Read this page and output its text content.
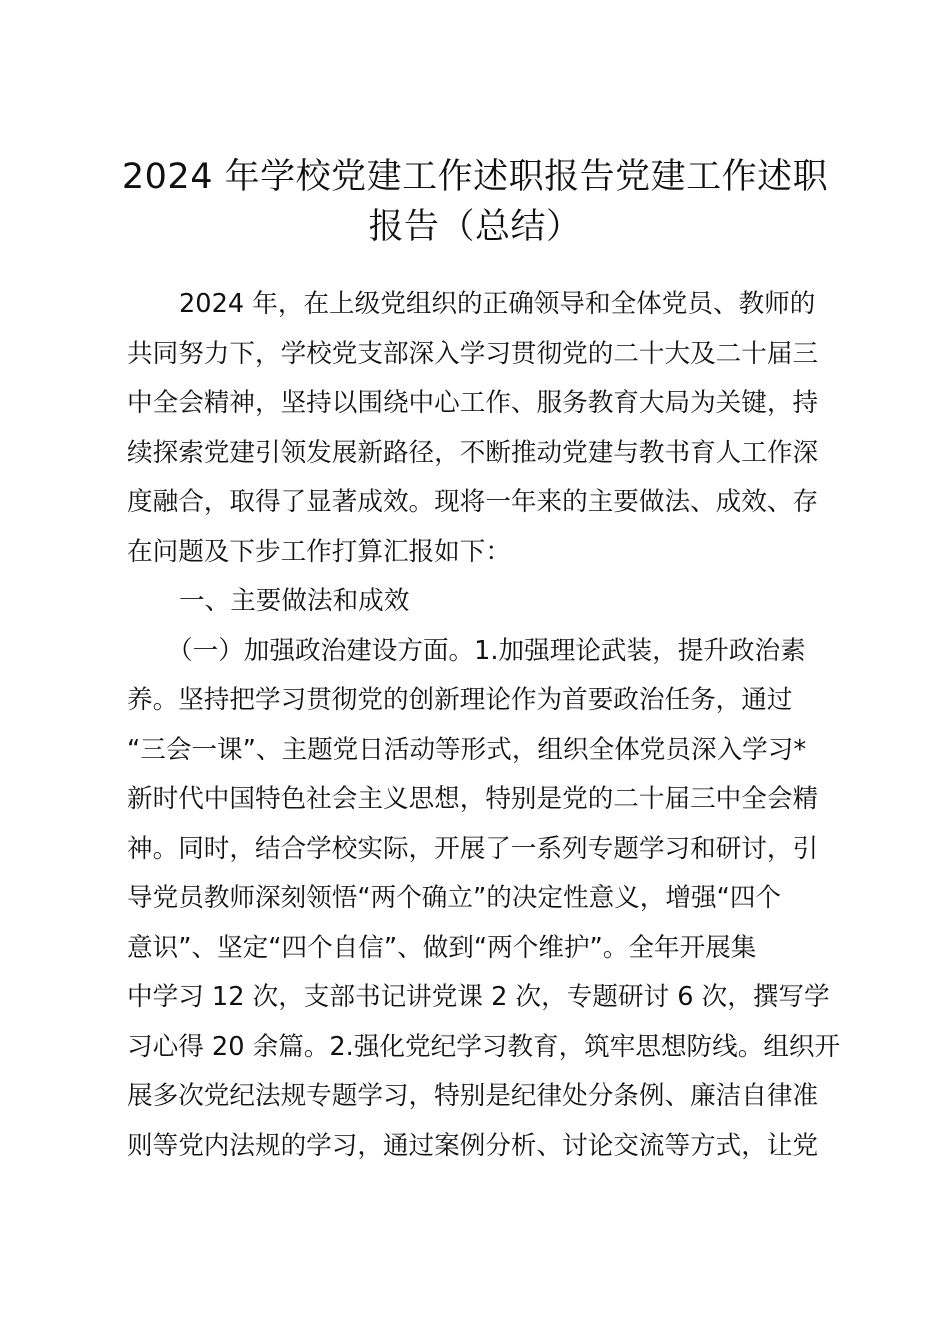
2024 年学校党建工作述职报告党建工作述职
报告（总结）
2024 年，在上级党组织的正确领导和全体党员、教师的
共同努力下，学校党支部深入学习贯彻党的二十大及二十届三
中全会精神，坚持以围绕中心工作、服务教育大局为关键，持
续探索党建引领发展新路径，不断推动党建与教书育人工作深
度融合，取得了显著成效。现将一年来的主要做法、成效、存
在问题及下步工作打算汇报如下：
一、主要做法和成效
（一）加强政治建设方面。1.加强理论武装，提升政治素
养。坚持把学习贯彻党的创新理论作为首要政治任务，通过
“三会一课”、主题党日活动等形式，组织全体党员深入学习*
新时代中国特色社会主义思想，特别是党的二十届三中全会精
神。同时，结合学校实际，开展了一系列专题学习和研讨，引
导党员教师深刻领悟“两个确立”的决定性意义，增强“四个
意识”、坚定“四个自信”、做到“两个维护”。全年开展集
中学习 12 次，支部书记讲党课 2 次，专题研讨 6 次，撰写学
习心得 20 余篇。2.强化党纪学习教育，筑牢思想防线。组织开
展多次党纪法规专题学习，特别是纪律处分条例、廉洁自律准
则等党内法规的学习，通过案例分析、讨论交流等方式，让党
